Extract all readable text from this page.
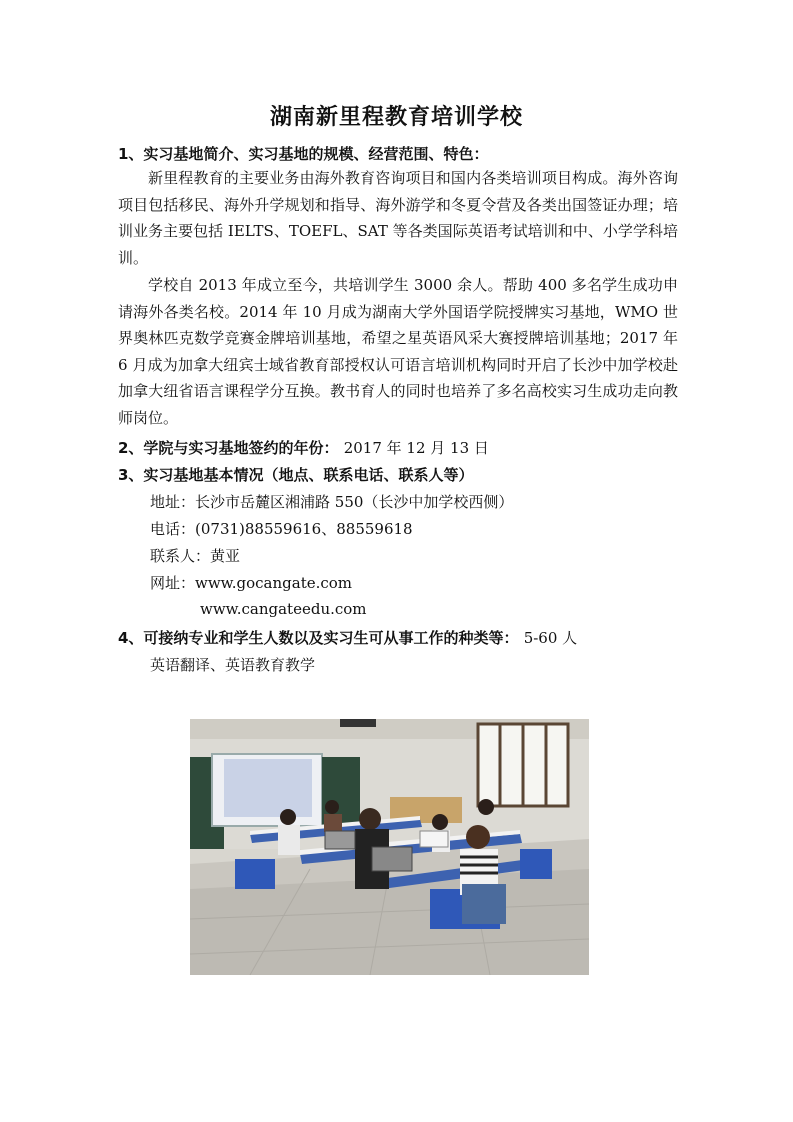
湖南新里程教育培训学校
1、实习基地简介、实习基地的规模、经营范围、特色：

新里程教育的主要业务由海外教育咨询项目和国内各类培训项目构成。海外咨询项目包括移民、海外升学规划和指导、海外游学和冬夏令营及各类出国签证办理；培训业务主要包括 IELTS、TOEFL、SAT 等各类国际英语考试培训和中、小学学科培训。

学校自 2013 年成立至今，共培训学生 3000 余人。帮助 400 多名学生成功申请海外各类名校。2014 年 10 月成为湖南大学外国语学院授牌实习基地，WMO 世界奥林匹克数学竞赛金牌培训基地，希望之星英语风采大赛授牌培训基地；2017 年 6 月成为加拿大纽宾士域省教育部授权认可语言培训机构同时开启了长沙中加学校赴加拿大纽省语言课程学分互换。教书育人的同时也培养了多名高校实习生成功走向教师岗位。

2、学院与实习基地签约的年份： 2017 年 12 月 13 日
3、实习基地基本情况（地点、联系电话、联系人等）
地址：长沙市岳麓区湘浦路 550（长沙中加学校西侧）
电话：(0731)88559616、88559618
联系人：黄亚
网址：www.gocangate.com
www.cangateedu.com
4、可接纳专业和学生人数以及实习生可从事工作的种类等： 5-60 人
英语翻译、英语教育教学
